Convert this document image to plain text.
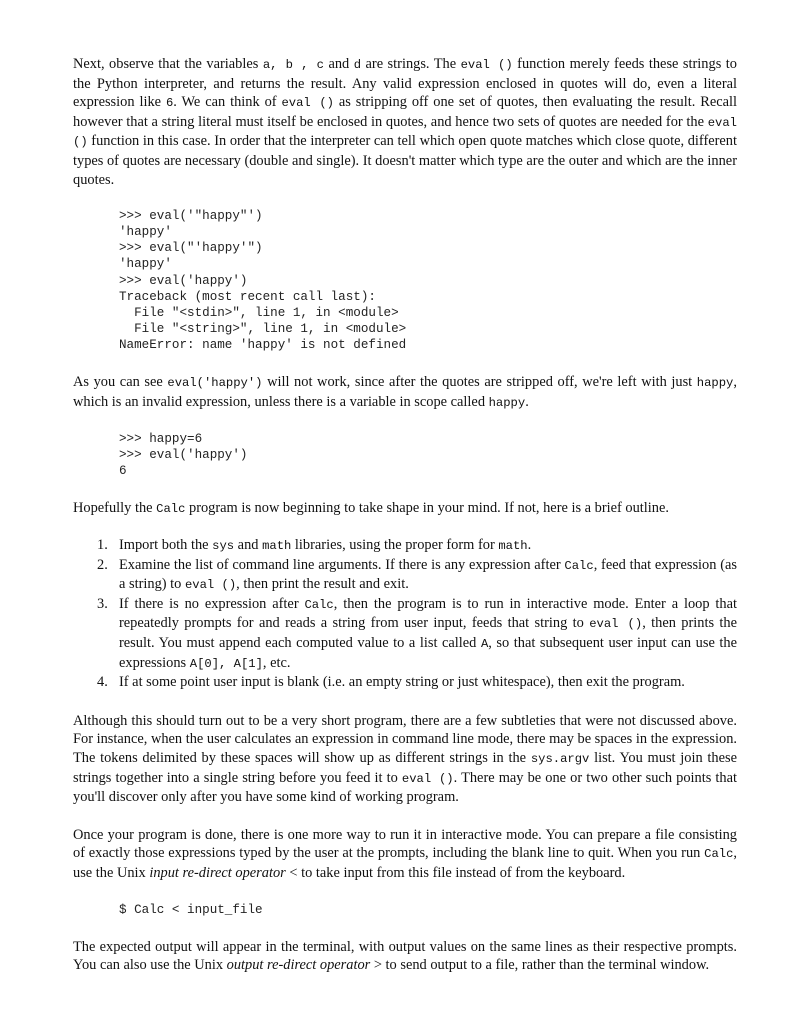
Next, observe that the variables a, b , c and d are strings. The eval () function merely feeds these strings to the Python interpreter, and returns the result. Any valid expression enclosed in quotes will do, even a literal expression like 6. We can think of eval () as stripping off one set of quotes, then evaluating the result. Recall however that a string literal must itself be enclosed in quotes, and hence two sets of quotes are needed for the eval () function in this case. In order that the interpreter can tell which open quote matches which close quote, different types of quotes are necessary (double and single). It doesn't matter which type are the outer and which are the inner quotes.

>>> eval('"happy"')
'happy'
>>> eval("'happy'")
'happy'
>>> eval('happy')
Traceback (most recent call last):
File "<stdin>", line 1, in <module>
File "<string>", line 1, in <module>
NameError: name 'happy' is not defined

As you can see eval('happy') will not work, since after the quotes are stripped off, we're left with just happy, which is an invalid expression, unless there is a variable in scope called happy.

>>> happy=6
>>> eval('happy')
6

Hopefully the Calc program is now beginning to take shape in your mind. If not, here is a brief outline.

1. Import both the sys and math libraries, using the proper form for math.
2. Examine the list of command line arguments. If there is any expression after Calc, feed that expression (as a string) to eval (), then print the result and exit.
3. If there is no expression after Calc, then the program is to run in interactive mode. Enter a loop that repeatedly prompts for and reads a string from user input, feeds that string to eval (), then prints the result. You must append each computed value to a list called A, so that subsequent user input can use the expressions A[0], A[1], etc.
4. If at some point user input is blank (i.e. an empty string or just whitespace), then exit the program.

Although this should turn out to be a very short program, there are a few subtleties that were not discussed above. For instance, when the user calculates an expression in command line mode, there may be spaces in the expression. The tokens delimited by these spaces will show up as different strings in the sys.argv list. You must join these strings together into a single string before you feed it to eval (). There may be one or two other such points that you'll discover only after you have some kind of working program.

Once your program is done, there is one more way to run it in interactive mode. You can prepare a file consisting of exactly those expressions typed by the user at the prompts, including the blank line to quit. When you run Calc, use the Unix input re-direct operator < to take input from this file instead of from the keyboard.

$ Calc < input_file

The expected output will appear in the terminal, with output values on the same lines as their respective prompts. You can also use the Unix output re-direct operator > to send output to a file, rather than the terminal window.
